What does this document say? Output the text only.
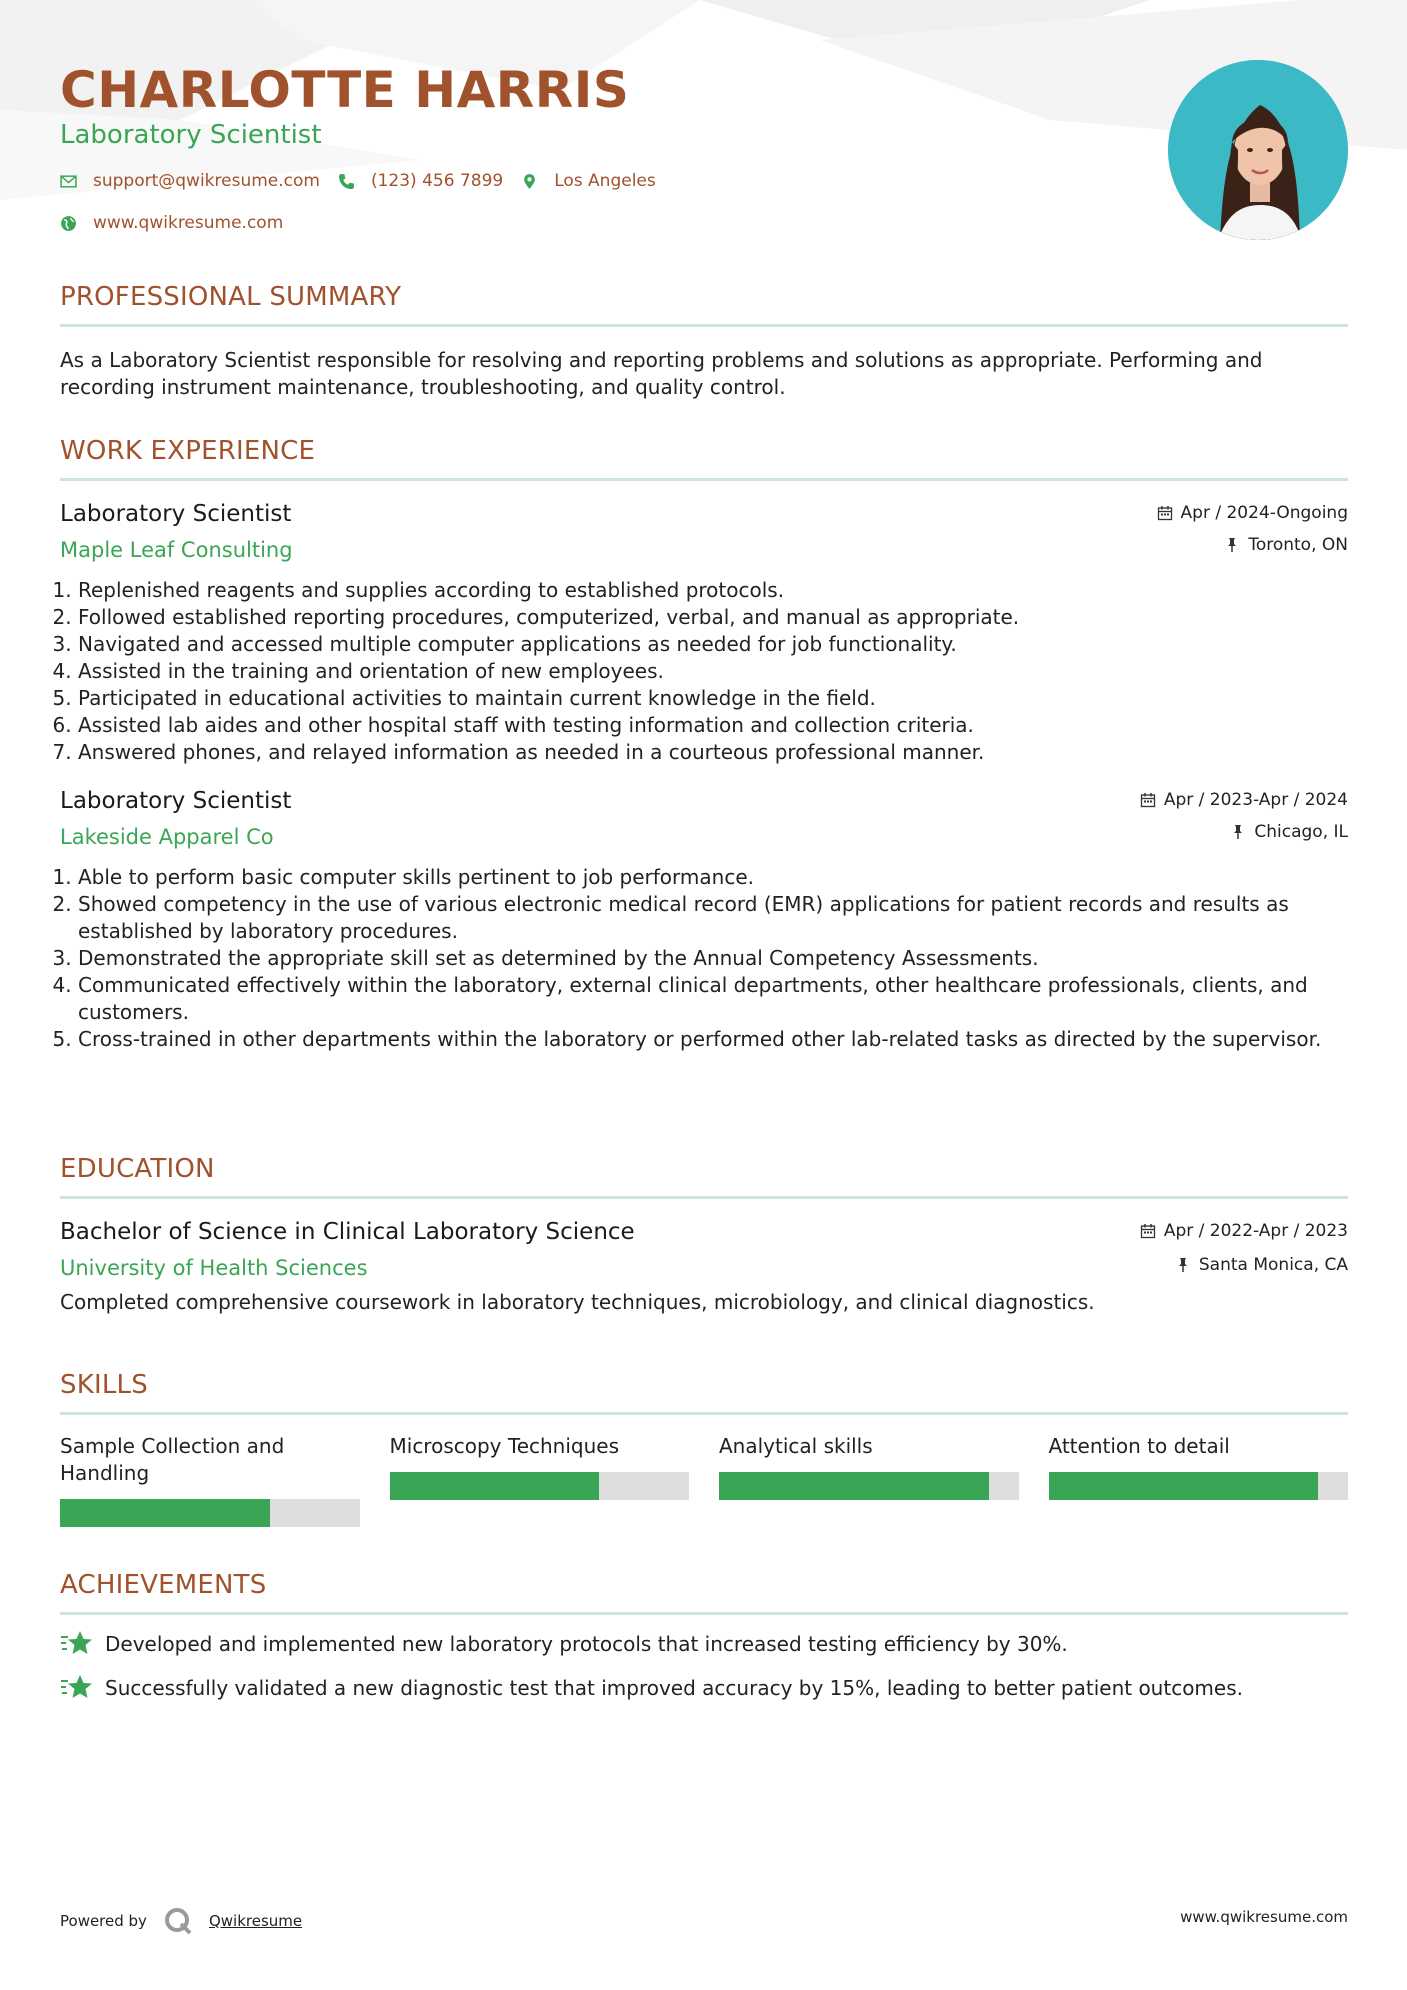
CHARLOTTE HARRIS
Laboratory Scientist
support@qwikresume.com	(123) 456 7899	Los Angeles
www.qwikresume.com
PROFESSIONAL SUMMARY

As a Laboratory Scientist responsible for resolving and reporting problems and solutions as appropriate. Performing and recording instrument maintenance, troubleshooting, and quality control.

WORK EXPERIENCE
Laboratory Scientist
Maple Leaf Consulting
Apr / 2024-Ongoing
Toronto, ON
1. Replenished reagents and supplies according to established protocols.
2. Followed established reporting procedures, computerized, verbal, and manual as appropriate.
3. Navigated and accessed multiple computer applications as needed for job functionality.
4. Assisted in the training and orientation of new employees.
5. Participated in educational activities to maintain current knowledge in the field.
6. Assisted lab aides and other hospital staff with testing information and collection criteria.
7. Answered phones, and relayed information as needed in a courteous professional manner.
Laboratory Scientist
Lakeside Apparel Co
Apr / 2023-Apr / 2024
Chicago, IL
1. Able to perform basic computer skills pertinent to job performance.
2. Showed competency in the use of various electronic medical record (EMR) applications for patient records and results as established by laboratory procedures.
3. Demonstrated the appropriate skill set as determined by the Annual Competency Assessments.
4. Communicated effectively within the laboratory, external clinical departments, other healthcare professionals, clients, and customers.
5. Cross-trained in other departments within the laboratory or performed other lab-related tasks as directed by the supervisor.
EDUCATION
Bachelor of Science in Clinical Laboratory Science
University of Health Sciences
Apr / 2022-Apr / 2023
Santa Monica, CA

Completed comprehensive coursework in laboratory techniques, microbiology, and clinical diagnostics.

SKILLS
Sample Collection and Handling
Microscopy Techniques	Analytical skills	Attention to detail
ACHIEVEMENTS
Developed and implemented new laboratory protocols that increased testing efficiency by 30%.
Successfully validated a new diagnostic test that improved accuracy by 15%, leading to better patient outcomes.
Powered by	Qwikresume	www.qwikresume.com
